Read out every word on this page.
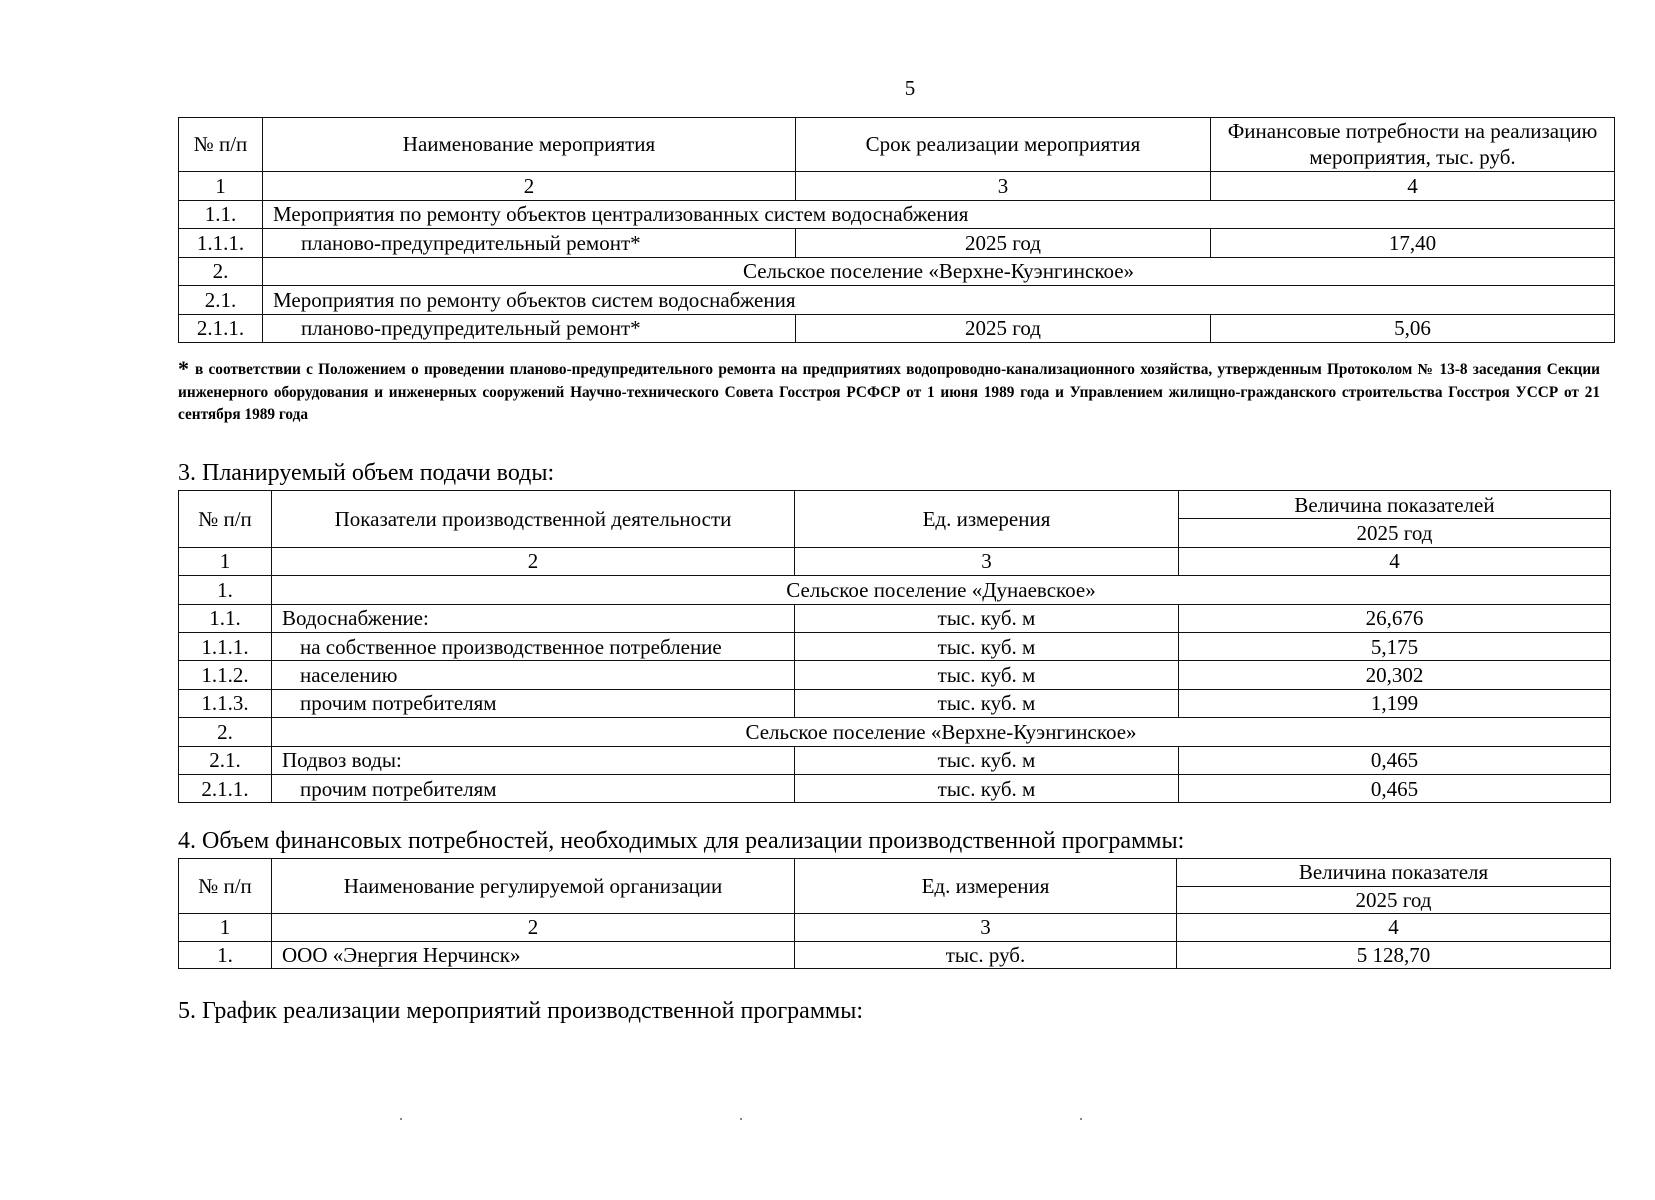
5
№ п/п	Наименование мероприятия	Срок реализации мероприятия	Финансовые потребности на реализацию мероприятия, тыс. руб.
1	2	3	4
1.1.	Мероприятия по ремонту объектов централизованных систем водоснабжения		
1.1.1.	планово-предупредительный ремонт*	2025 год	17,40
2.	Сельское поселение «Верхне-Куэнгинское»		
2.1.	Мероприятия по ремонту объектов систем водоснабжения		
2.1.1.	планово-предупредительный ремонт*	2025 год	5,06
* в соответствии с Положением о проведении планово-предупредительного ремонта на предприятиях водопроводно-канализационного хозяйства, утвержденным Протоколом № 13-8 заседания Секции инженерного оборудования и инженерных сооружений Научно-технического Совета Госстроя РСФСР от 1 июня 1989 года и Управлением жилищно-гражданского строительства Госстроя УССР от 21 сентября 1989 года
3. Планируемый объем подачи воды:
№ п/п	Показатели производственной деятельности	Ед. измерения	Величина показателей
			2025 год
1	2	3	4
1.	Сельское поселение «Дунаевское»		
1.1.	Водоснабжение:	тыс. куб. м	26,676
1.1.1.	на собственное производственное потребление	тыс. куб. м	5,175
1.1.2.	населению	тыс. куб. м	20,302
1.1.3.	прочим потребителям	тыс. куб. м	1,199
2.	Сельское поселение «Верхне-Куэнгинское»		
2.1.	Подвоз воды:	тыс. куб. м	0,465
2.1.1.	прочим потребителям	тыс. куб. м	0,465
4. Объем финансовых потребностей, необходимых для реализации производственной программы:
№ п/п	Наименование регулируемой организации	Ед. измерения	Величина показателя
			2025 год
1	2	3	4
1.	ООО «Энергия Нерчинск»	тыс. руб.	5 128,70
5. График реализации мероприятий производственной программы:
